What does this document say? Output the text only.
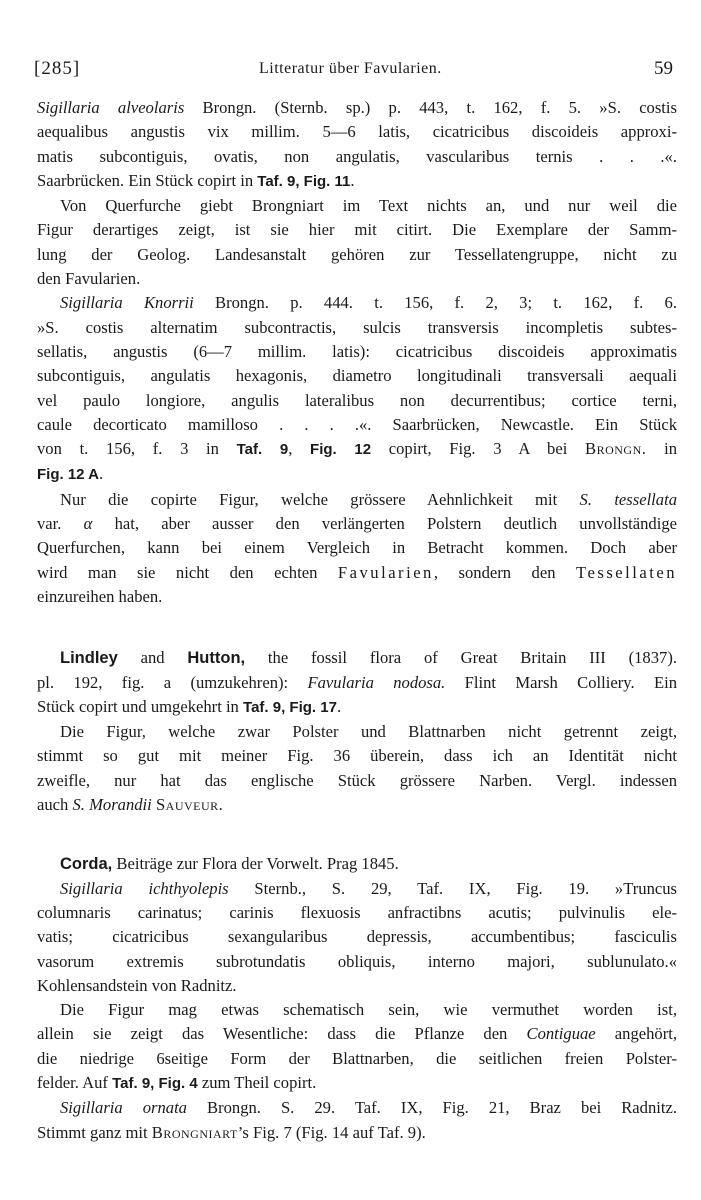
[285]	Litteratur über Favularien.	59
Sigillaria alveolaris Brongn. (Sternb. sp.) p. 443, t. 162, f. 5. »S. costis
aequalibus angustis vix millim. 5—6 latis, cicatricibus discoideis approxi-
matis subcontiguis, ovatis, non angulatis, vascularibus ternis . . .«.
Saarbrücken. Ein Stück copirt in Taf. 9, Fig. 11.
Von Querfurche giebt Brongniart im Text nichts an, und nur weil die
Figur derartiges zeigt, ist sie hier mit citirt. Die Exemplare der Samm-
lung der Geolog. Landesanstalt gehören zur Tessellatengruppe, nicht zu
den Favularien.
Sigillaria Knorrii Brongn. p. 444. t. 156, f. 2, 3; t. 162, f. 6.
»S. costis alternatim subcontractis, sulcis transversis incompletis subtes-
sellatis, angustis (6—7 millim. latis): cicatricibus discoideis approximatis
subcontiguis, angulatis hexagonis, diametro longitudinali transversali aequali
vel paulo longiore, angulis lateralibus non decurrentibus; cortice terni,
caule decorticato mamilloso . . . .«. Saarbrücken, Newcastle. Ein Stück
von t. 156, f. 3 in Taf. 9, Fig. 12 copirt, Fig. 3 A bei Brongn. in
Fig. 12 A.
Nur die copirte Figur, welche grössere Aehnlichkeit mit S. tessellata
var. α hat, aber ausser den verlängerten Polstern deutlich unvollständige
Querfurchen, kann bei einem Vergleich in Betracht kommen. Doch aber
wird man sie nicht den echten Favularien, sondern den Tessellaten
einzureihen haben.
Lindley and Hutton, the fossil flora of Great Britain III (1837).
pl. 192, fig. a (umzukehren): Favularia nodosa. Flint Marsh Colliery. Ein
Stück copirt und umgekehrt in Taf. 9, Fig. 17.
Die Figur, welche zwar Polster und Blattnarben nicht getrennt zeigt,
stimmt so gut mit meiner Fig. 36 überein, dass ich an Identität nicht
zweifle, nur hat das englische Stück grössere Narben. Vergl. indessen
auch S. Morandii Sauveur.
Corda, Beiträge zur Flora der Vorwelt. Prag 1845.
Sigillaria ichthyolepis Sternb., S. 29, Taf. IX, Fig. 19. »Truncus
columnaris carinatus; carinis flexuosis anfractibns acutis; pulvinulis ele-
vatis; cicatricibus sexangularibus depressis, accumbentibus; fasciculis
vasorum extremis subrotundatis obliquis, interno majori, sublunulato.«
Kohlensandstein von Radnitz.
Die Figur mag etwas schematisch sein, wie vermuthet worden ist,
allein sie zeigt das Wesentliche: dass die Pflanze den Contiguae angehört,
die niedrige 6seitige Form der Blattnarben, die seitlichen freien Polster-
felder. Auf Taf. 9, Fig. 4 zum Theil copirt.
Sigillaria ornata Brongn. S. 29. Taf. IX, Fig. 21, Braz bei Radnitz.
Stimmt ganz mit Brongniart’s Fig. 7 (Fig. 14 auf Taf. 9).
